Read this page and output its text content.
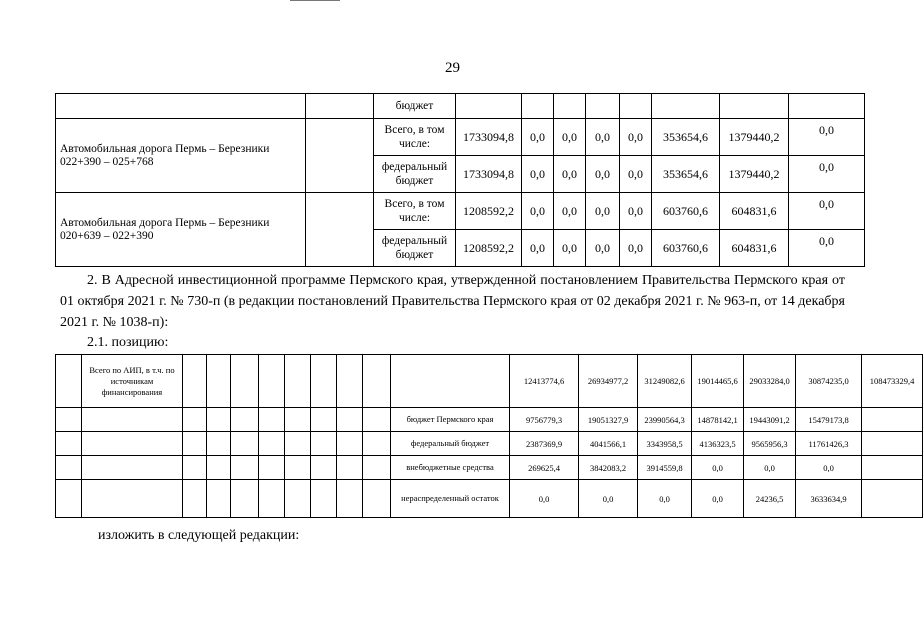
29
		бюджет								
Автомобильная дорога Пермь – Березники 022+390 – 025+768		Всего, в том числе:	1733094,8	0,0	0,0	0,0	0,0	353654,6	1379440,2	0,0
		федеральный бюджет	1733094,8	0,0	0,0	0,0	0,0	353654,6	1379440,2	0,0
Автомобильная дорога Пермь – Березники 020+639 – 022+390		Всего, в том числе:	1208592,2	0,0	0,0	0,0	0,0	603760,6	604831,6	0,0
		федеральный бюджет	1208592,2	0,0	0,0	0,0	0,0	603760,6	604831,6	0,0
2. В Адресной инвестиционной программе Пермского края, утвержденной постановлением Правительства Пермского края от 01 октября 2021 г. № 730-п (в редакции постановлений Правительства Пермского края от 02 декабря 2021 г. № 963-п, от 14 декабря 2021 г. № 1038-п):
2.1. позицию:
	Всего по АИП, в т.ч. по источникам финансирования										12413774,6	26934977,2	31249082,6	19014465,6	29033284,0	30874235,0	108473329,4
										бюджет Пермского края	9756779,3	19051327,9	23990564,3	14878142,1	19443091,2	15479173,8	
										федеральный бюджет	2387369,9	4041566,1	3343958,5	4136323,5	9565956,3	11761426,3	
										внебюджетные средства	269625,4	3842083,2	3914559,8	0,0	0,0	0,0	
										нераспределенный остаток	0,0	0,0	0,0	0,0	24236,5	3633634,9	
изложить в следующей редакции:
